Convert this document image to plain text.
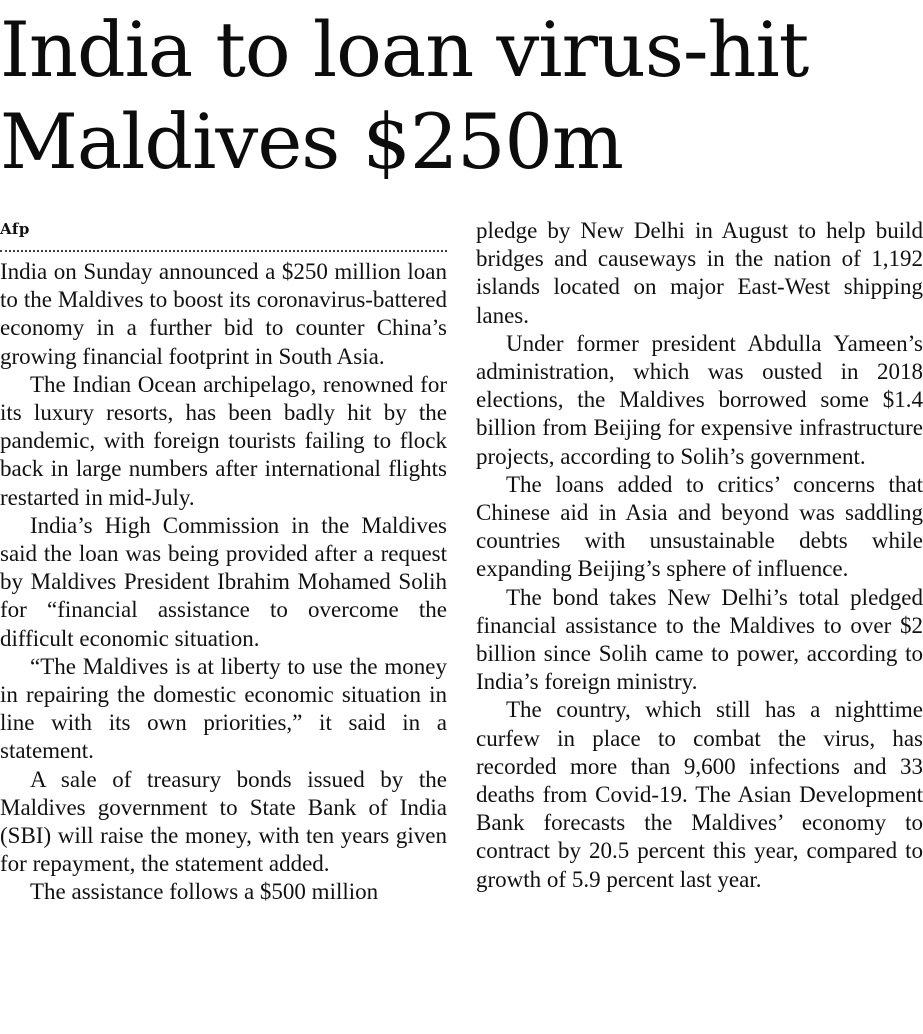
India to loan virus-hit
Maldives $250m
Afp

India on Sunday announced a $250 million loan to the Maldives to boost its coronavirus-battered economy in a further bid to counter China’s growing financial footprint in South Asia.

The Indian Ocean archipelago, renowned for its luxury resorts, has been badly hit by the pandemic, with foreign tourists failing to flock back in large numbers after international flights restarted in mid-July.

India’s High Commission in the Maldives said the loan was being provided after a request by Maldives President Ibrahim Mohamed Solih for “financial assistance to overcome the difficult economic situation.

“The Maldives is at liberty to use the money in repairing the domestic economic situation in line with its own priorities,” it said in a statement.

A sale of treasury bonds issued by the Maldives government to State Bank of India (SBI) will raise the money, with ten years given for repayment, the statement added.

The assistance follows a $500 million

pledge by New Delhi in August to help build bridges and causeways in the nation of 1,192 islands located on major East-West shipping lanes.

Under former president Abdulla Yameen’s administration, which was ousted in 2018 elections, the Maldives borrowed some $1.4 billion from Beijing for expensive infrastructure projects, according to Solih’s government.

The loans added to critics’ concerns that Chinese aid in Asia and beyond was saddling countries with unsustainable debts while expanding Beijing’s sphere of influence.

The bond takes New Delhi’s total pledged financial assistance to the Maldives to over $2 billion since Solih came to power, according to India’s foreign ministry.

The country, which still has a nighttime curfew in place to combat the virus, has recorded more than 9,600 infections and 33 deaths from Covid-19. The Asian Development Bank forecasts the Maldives’ economy to contract by 20.5 percent this year, compared to growth of 5.9 percent last year.
